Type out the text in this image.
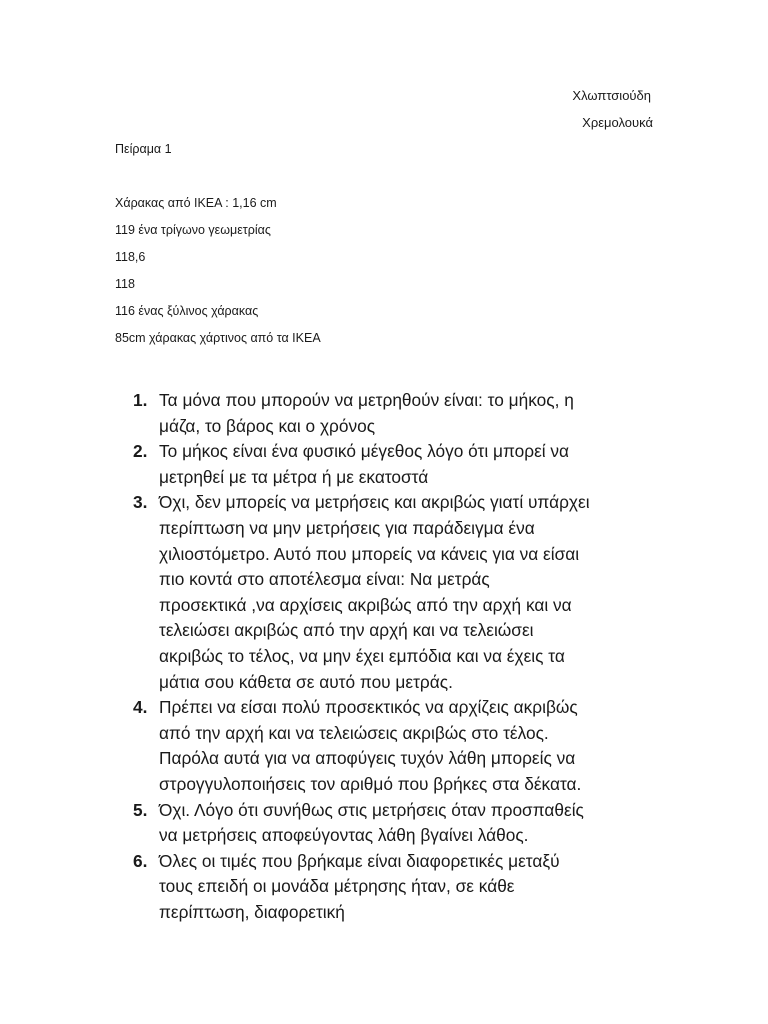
Χλωπτσιούδη
Χρεμολουκά
Πείραμα 1
Χάρακας από ΙΚΕΑ : 1,16 cm
119 ένα τρίγωνο γεωμετρίας
118,6
118
116 ένας ξύλινος χάρακας
85cm χάρακας χάρτινος από τα ΙΚΕΑ
1. Τα μόνα που μπορούν να μετρηθούν είναι: το μήκος, η
μάζα, το βάρος και ο χρόνος
2. Το μήκος είναι ένα φυσικό μέγεθος λόγο ότι μπορεί να
μετρηθεί με τα μέτρα ή με εκατοστά
3. Όχι, δεν μπορείς να μετρήσεις και ακριβώς γιατί υπάρχει
περίπτωση να μην μετρήσεις για παράδειγμα ένα
χιλιοστόμετρο. Αυτό που μπορείς να κάνεις για να είσαι
πιο κοντά στο αποτέλεσμα είναι: Να μετράς
προσεκτικά ,να αρχίσεις ακριβώς από την αρχή και να
τελειώσει ακριβώς από την αρχή και να τελειώσει
ακριβώς το τέλος, να μην έχει εμπόδια και να έχεις τα
μάτια σου κάθετα σε αυτό που μετράς.
4. Πρέπει να είσαι πολύ προσεκτικός να αρχίζεις ακριβώς
από την αρχή και να τελειώσεις ακριβώς στο τέλος.
Παρόλα αυτά για να αποφύγεις τυχόν λάθη μπορείς να
στρογγυλοποιήσεις τον αριθμό που βρήκες στα δέκατα.
5. Όχι. Λόγο ότι συνήθως στις μετρήσεις όταν προσπαθείς
να μετρήσεις αποφεύγοντας λάθη βγαίνει λάθος.
6. Όλες οι τιμές που βρήκαμε είναι διαφορετικές μεταξύ
τους επειδή οι μονάδα μέτρησης ήταν, σε κάθε
περίπτωση, διαφορετική
